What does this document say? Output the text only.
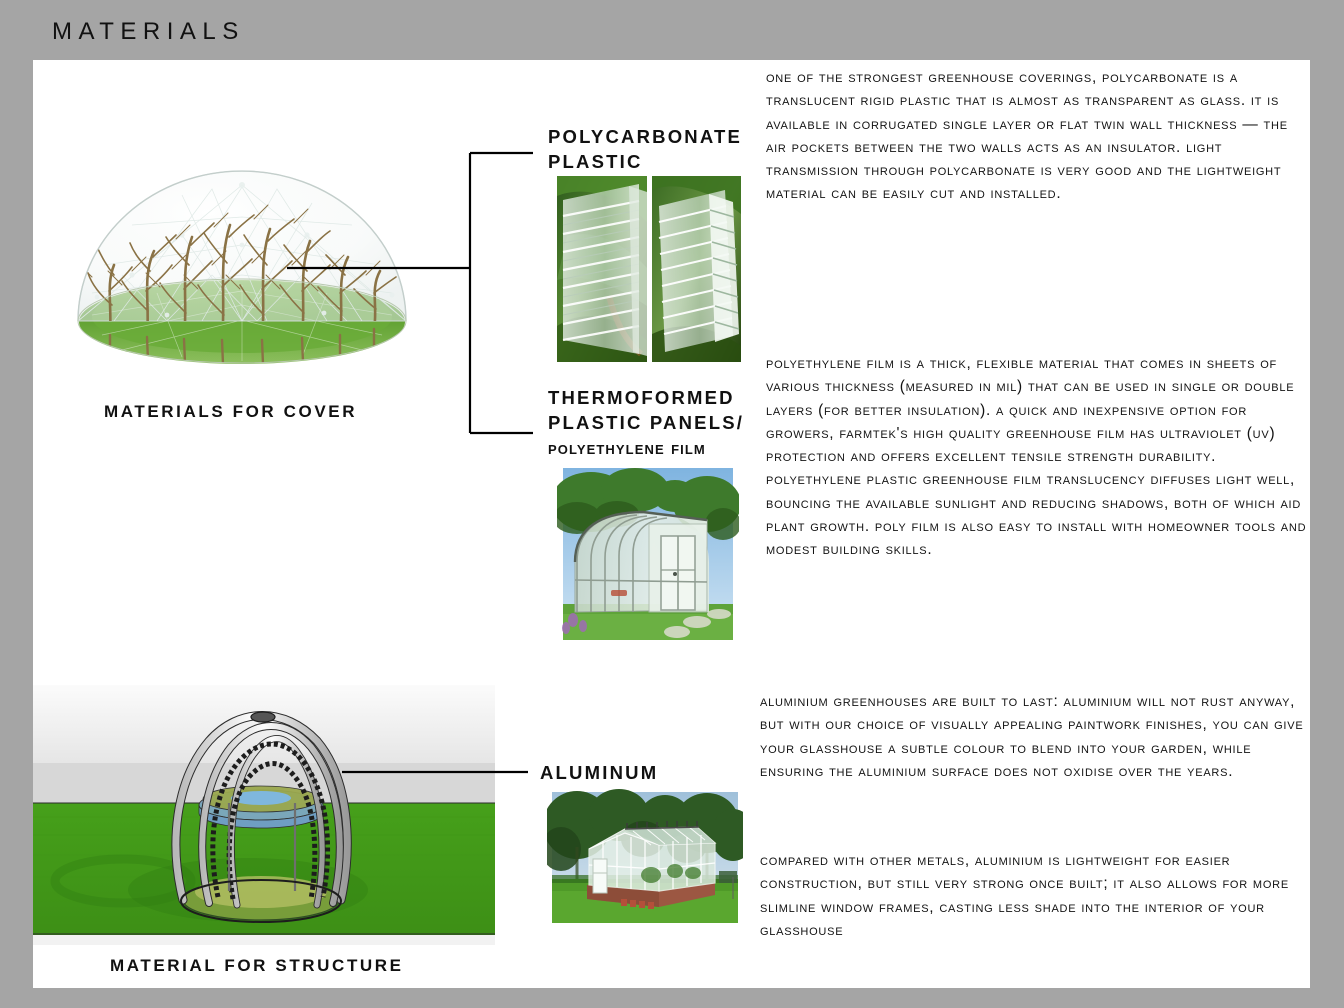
MATERIALS
MATERIALS FOR COVER
MATERIAL FOR STRUCTURE
POLYCARBONATE
PLASTIC
THERMOFORMED
PLASTIC PANELS/
polyethylene film
ALUMINUM
one of the strongest greenhouse coverings, polycarbonate is a translucent rigid plastic that is almost as transparent as glass. it is available in corrugated single layer or flat twin wall thickness — the air pockets between the two walls acts as an insulator. light transmission through polycarbonate is very good and the lightweight material can be easily cut and installed.
polyethylene film is a thick, flexible material that comes in sheets of various thickness (measured in mil) that can be used in single or double layers (for better insulation). a quick and inexpensive option for growers, farmtek's high quality greenhouse film has ultraviolet (uv) protection and offers excellent tensile strength durability. polyethylene plastic greenhouse film translucency diffuses light well, bouncing the available sunlight and reducing shadows, both of which aid plant growth. poly film is also easy to install with homeowner tools and modest building skills.
aluminium greenhouses are built to last: aluminium will not rust anyway, but with our choice of visually appealing paintwork finishes, you can give your glasshouse a subtle colour to blend into your garden, while ensuring the aluminium surface does not oxidise over the years.
compared with other metals, aluminium is lightweight for easier construction, but still very strong once built; it also allows for more slimline window frames, casting less shade into the interior of your glasshouse
